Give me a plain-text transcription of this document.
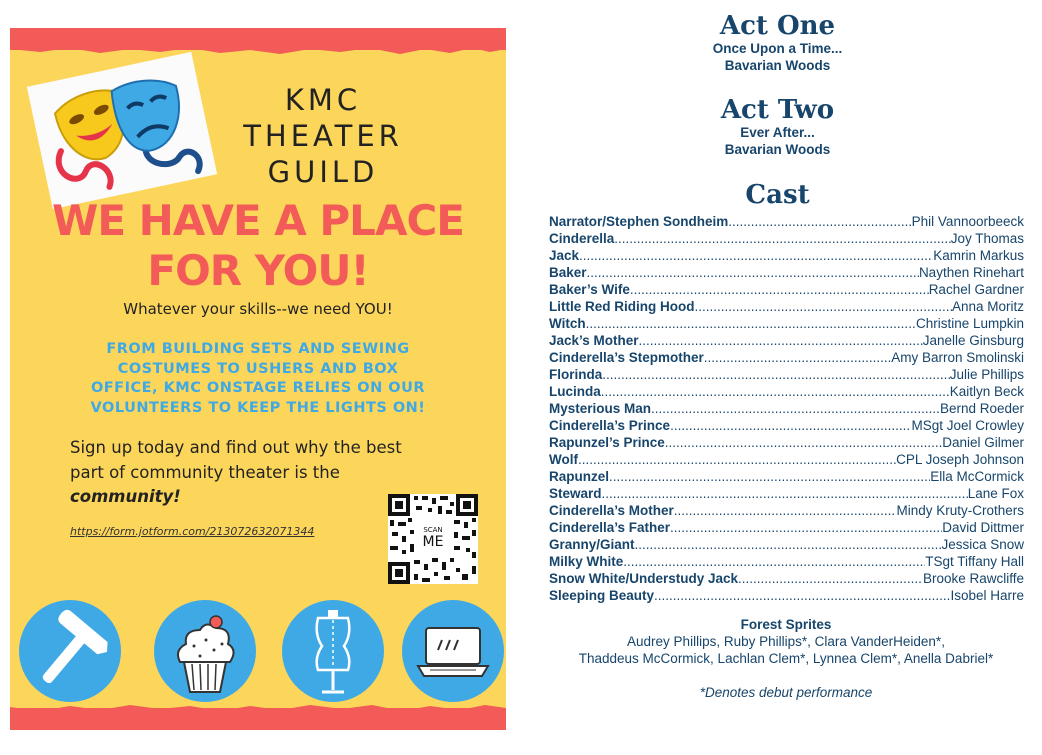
KMC
THEATER
GUILD
WE HAVE A PLACE
FOR YOU!
Whatever your skills--we need YOU!
FROM BUILDING SETS AND SEWING
COSTUMES TO USHERS AND BOX
OFFICE, KMC ONSTAGE RELIES ON OUR
VOLUNTEERS TO KEEP THE LIGHTS ON!
Sign up today and find out why the best
part of community theater is the
community!
https://form.jotform.com/213072632071344	SCAN
ME
Act One
Once Upon a Time...
Bavarian Woods
Act Two
Ever After...
Bavarian Woods
Cast
Narrator/Stephen Sondheim .....	Phil Vannoorbeeck
Cinderella .....	Joy Thomas
Jack .....	Kamrin Markus
Baker .....	Naythen Rinehart
Baker’s Wife .....	Rachel Gardner
Little Red Riding Hood .....	Anna Moritz
Witch .....	Christine Lumpkin
Jack’s Mother .....	Janelle Ginsburg
Cinderella’s Stepmother .....	Amy Barron Smolinski
Florinda .....	Julie Phillips
Lucinda .....	Kaitlyn Beck
Mysterious Man .....	Bernd Roeder
Cinderella’s Prince .....	MSgt Joel Crowley
Rapunzel’s Prince .....	Daniel Gilmer
Wolf .....	CPL Joseph Johnson
Rapunzel .....	Ella McCormick
Steward .....	Lane Fox
Cinderella’s Mother .....	Mindy Kruty-Crothers
Cinderella’s Father .....	David Dittmer
Granny/Giant .....	Jessica Snow
Milky White .....	TSgt Tiffany Hall
Snow White/Understudy Jack .....	Brooke Rawcliffe
Sleeping Beauty .....	Isobel Harre
Forest Sprites
Audrey Phillips, Ruby Phillips*, Clara VanderHeiden*,
Thaddeus McCormick, Lachlan Clem*, Lynnea Clem*, Anella Dabriel*
*Denotes debut performance
